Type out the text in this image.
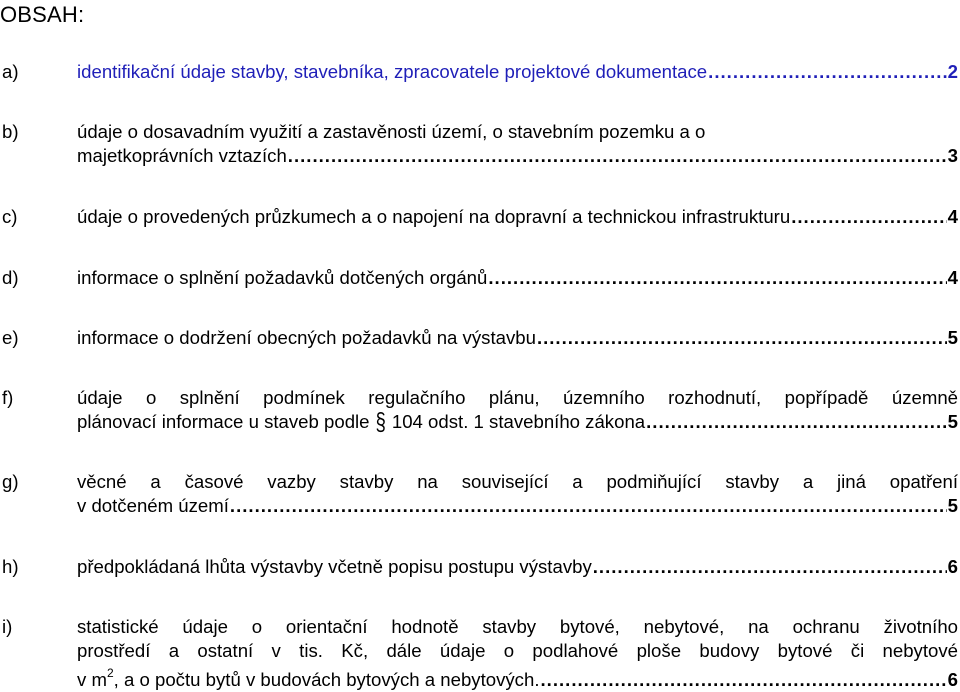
OBSAH:
a)	identifikační údaje stavby, stavebníka, zpracovatele projektové dokumentace .....	2
b)	údaje o dosavadním využití a zastavěnosti území, o stavebním pozemku a o
majetkoprávních vztazích .....	3
c)	údaje o provedených průzkumech a o napojení na dopravní a technickou infrastrukturu .....	4
d)	informace o splnění požadavků dotčených orgánů .....	4
e)	informace o dodržení obecných požadavků na výstavbu .....	5
f)	údaje o splnění podmínek regulačního plánu, územního rozhodnutí, popřípadě územně
plánovací informace u staveb podle § 104 odst. 1 stavebního zákona .....	5
g)	věcné a časové vazby stavby na související a podmiňující stavby a jiná opatření
v dotčeném území .....	5
h)	předpokládaná lhůta výstavby včetně popisu postupu výstavby .....	6
i)	statistické údaje o orientační hodnotě stavby bytové, nebytové, na ochranu životního
prostředí a ostatní v tis. Kč, dále údaje o podlahové ploše budovy bytové či nebytové
v $m^2$, a o počtu bytů v budovách bytových a nebytových. .....	6
